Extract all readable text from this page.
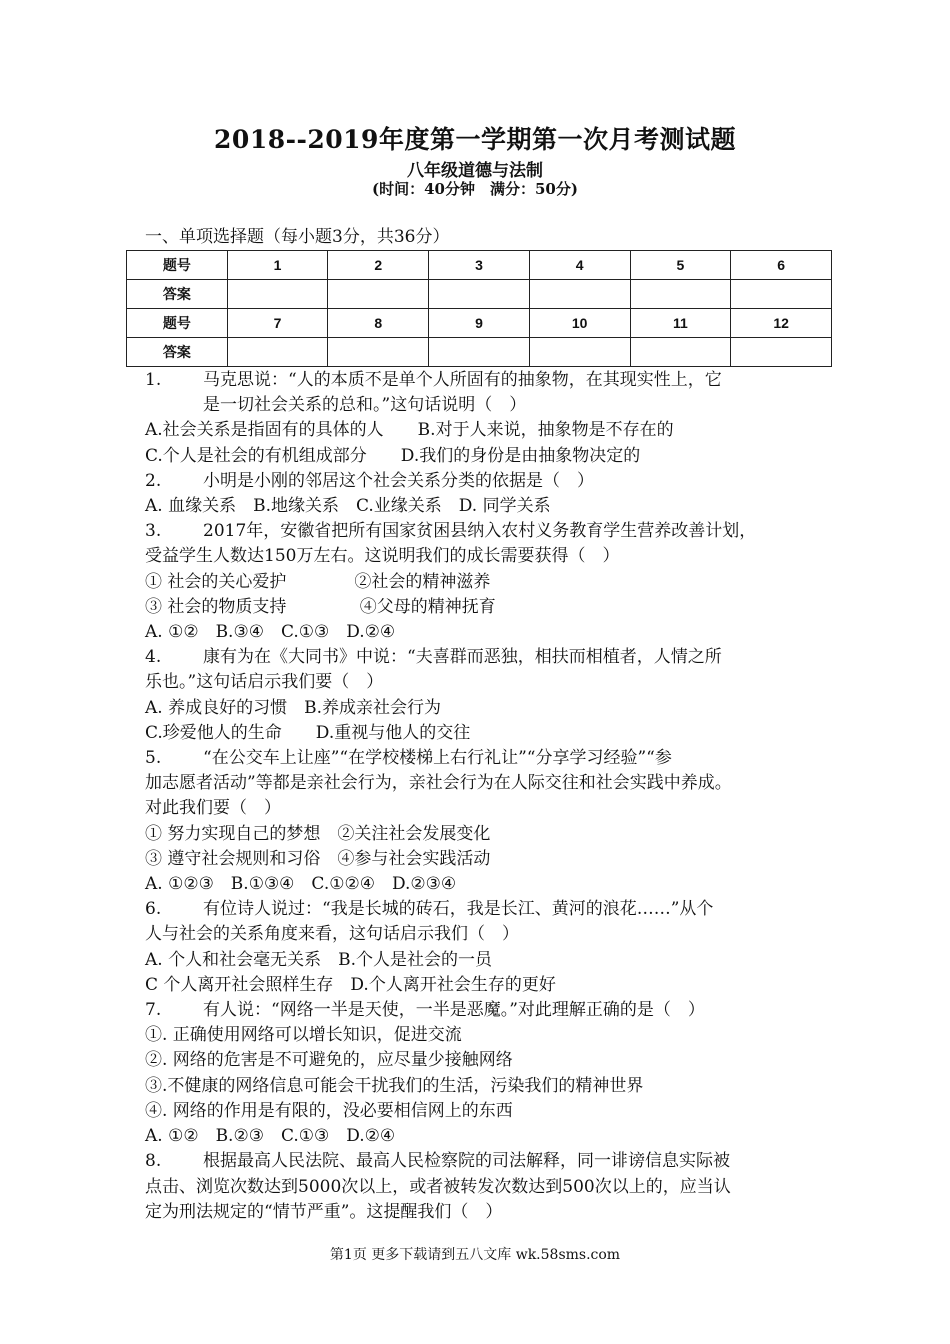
2018--2019年度第一学期第一次月考测试题
八年级道德与法制
(时间：40分钟　满分：50分)
一、单项选择题（每小题3分，共36分）
题号	1	2	3	4	5	6
答案						
题号	7	8	9	10	11	12
答案						
1. 马克思说：“人的本质不是单个人所固有的抽象物，在其现实性上，它
是一切社会关系的总和。”这句话说明（　）
A.社会关系是指固有的具体的人　　B.对于人来说，抽象物是不存在的
C.个人是社会的有机组成部分　　D.我们的身份是由抽象物决定的
2. 小明是小刚的邻居这个社会关系分类的依据是（　）
A. 血缘关系　B.地缘关系　C.业缘关系　D. 同学关系
3. 2017年，安徽省把所有国家贫困县纳入农村义务教育学生营养改善计划，
受益学生人数达150万左右。这说明我们的成长需要获得（　）
① 社会的关心爱护　　　　②社会的精神滋养
③ 社会的物质支持　　　　 ④父母的精神抚育
A. ①②　B.③④　C.①③　D.②④
4. 康有为在《大同书》中说：“夫喜群而恶独，相扶而相植者，人情之所
乐也。”这句话启示我们要（　）
A. 养成良好的习惯　B.养成亲社会行为
C.珍爱他人的生命　　D.重视与他人的交往
5. “在公交车上让座”“在学校楼梯上右行礼让”“分享学习经验”“参
加志愿者活动”等都是亲社会行为，亲社会行为在人际交往和社会实践中养成。
对此我们要（　）
① 努力实现自己的梦想　②关注社会发展变化
③ 遵守社会规则和习俗　④参与社会实践活动
A. ①②③　B.①③④　C.①②④　D.②③④
6. 有位诗人说过：“我是长城的砖石，我是长江、黄河的浪花……”从个
人与社会的关系角度来看，这句话启示我们（　）
A. 个人和社会毫无关系　B.个人是社会的一员
C 个人离开社会照样生存　D.个人离开社会生存的更好
7. 有人说：“网络一半是天使，一半是恶魔。”对此理解正确的是（　）
①. 正确使用网络可以增长知识，促进交流
②. 网络的危害是不可避免的，应尽量少接触网络
③.不健康的网络信息可能会干扰我们的生活，污染我们的精神世界
④. 网络的作用是有限的，没必要相信网上的东西
A. ①②　B.②③　C.①③　D.②④
8. 根据最高人民法院、最高人民检察院的司法解释，同一诽谤信息实际被
点击、浏览次数达到5000次以上，或者被转发次数达到500次以上的，应当认
定为刑法规定的“情节严重”。这提醒我们（　）
第1页 更多下载请到五八文库 wk.58sms.com
